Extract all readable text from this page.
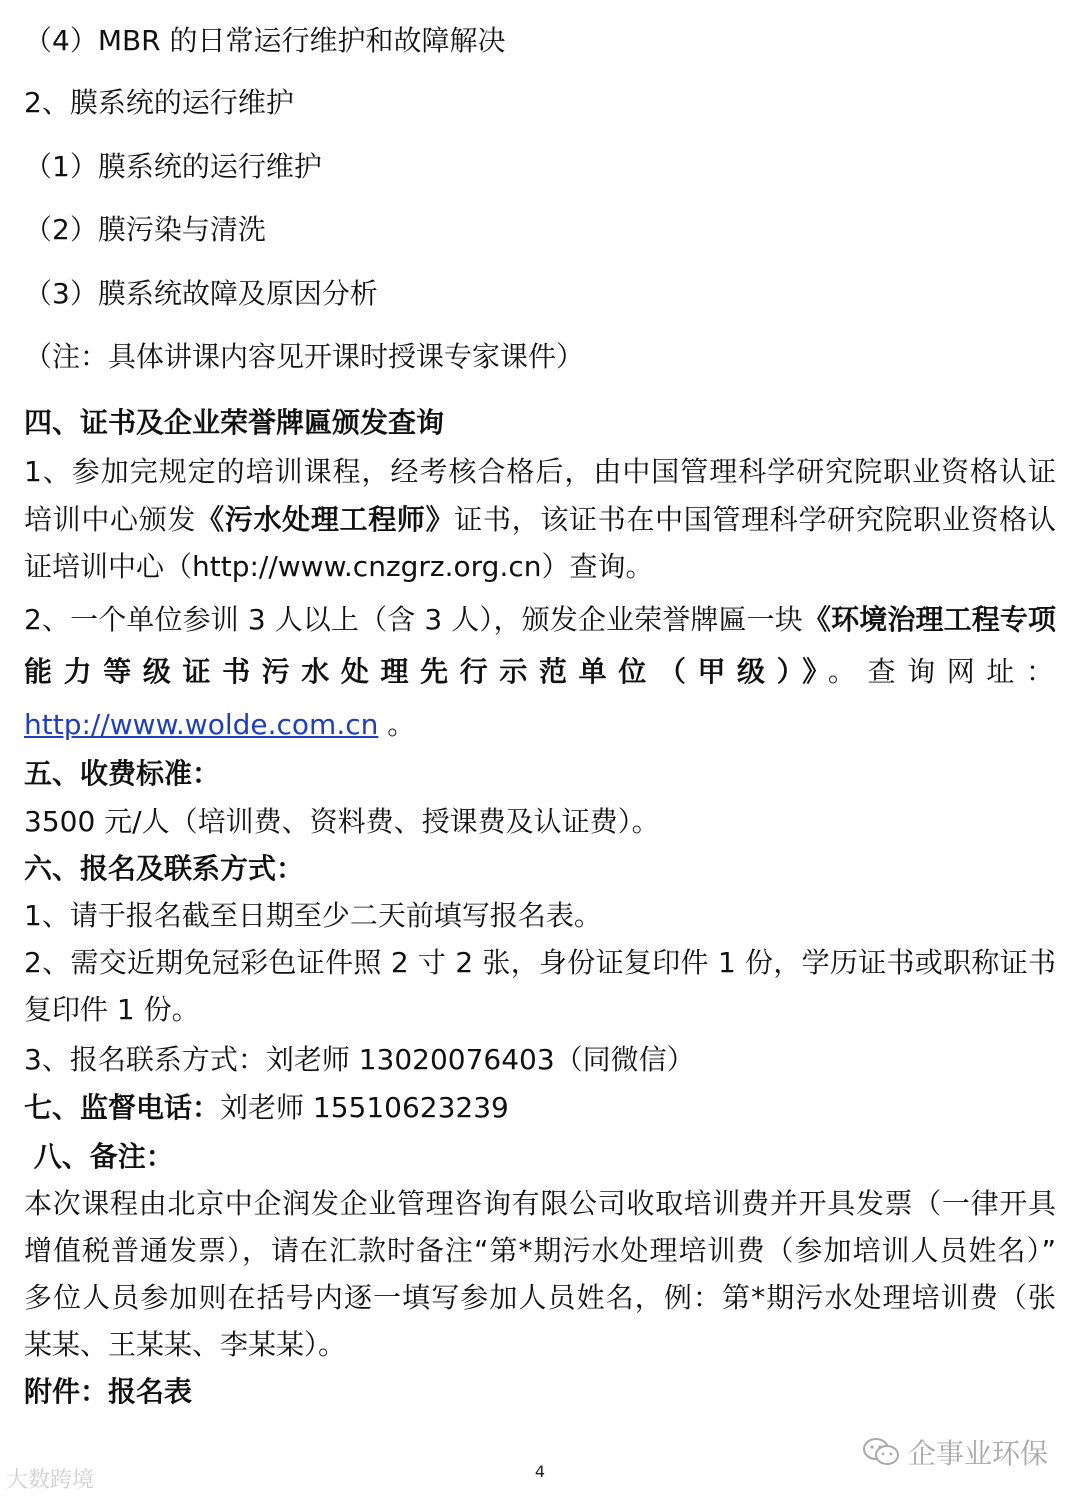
（4）MBR 的日常运行维护和故障解决
2、膜系统的运行维护
（1）膜系统的运行维护
（2）膜污染与清洗
（3）膜系统故障及原因分析
（注：具体讲课内容见开课时授课专家课件）
四、证书及企业荣誉牌匾颁发查询
1、参加完规定的培训课程，经考核合格后，由中国管理科学研究院职业资格认证
培训中心颁发《污水处理工程师》证书，该证书在中国管理科学研究院职业资格认
证培训中心（http://www.cnzgrz.org.cn）查询。
2、一个单位参训 3 人以上（含 3 人），颁发企业荣誉牌匾一块《环境治理工程专项
能力等级证书污水处理先行示范单位（甲级）》。查询网址：
http://www.wolde.com.cn 。
五、收费标准：
3500 元/人（培训费、资料费、授课费及认证费）。
六、报名及联系方式：
1、请于报名截至日期至少二天前填写报名表。
2、需交近期免冠彩色证件照 2 寸 2 张，身份证复印件 1 份，学历证书或职称证书
复印件 1 份。
3、报名联系方式：刘老师 13020076403（同微信）
七、监督电话：刘老师 15510623239
八、备注：
本次课程由北京中企润发企业管理咨询有限公司收取培训费并开具发票（一律开具
增值税普通发票），请在汇款时备注“第*期污水处理培训费（参加培训人员姓名）”
多位人员参加则在括号内逐一填写参加人员姓名，例：第*期污水处理培训费（张
某某、王某某、李某某）。
附件：报名表
4
大数跨境
企事业环保
